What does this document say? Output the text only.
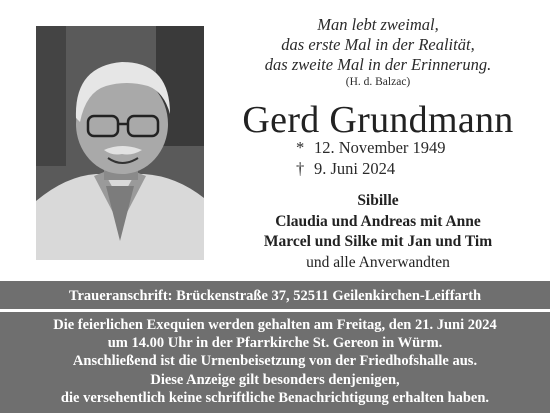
Man lebt zweimal,
das erste Mal in der Realität,
das zweite Mal in der Erinnerung.
(H. d. Balzac)
Gerd Grundmann
* 12. November 1949
† 9. Juni 2024
Sibille
Claudia und Andreas mit Anne
Marcel und Silke mit Jan und Tim
und alle Anverwandten
Traueranschrift: Brückenstraße 37, 52511 Geilenkirchen-Leiffarth
Die feierlichen Exequien werden gehalten am Freitag, den 21. Juni 2024
um 14.00 Uhr in der Pfarrkirche St. Gereon in Würm.
Anschließend ist die Urnenbeisetzung von der Friedhofshalle aus.
Diese Anzeige gilt besonders denjenigen,
die versehentlich keine schriftliche Benachrichtigung erhalten haben.
